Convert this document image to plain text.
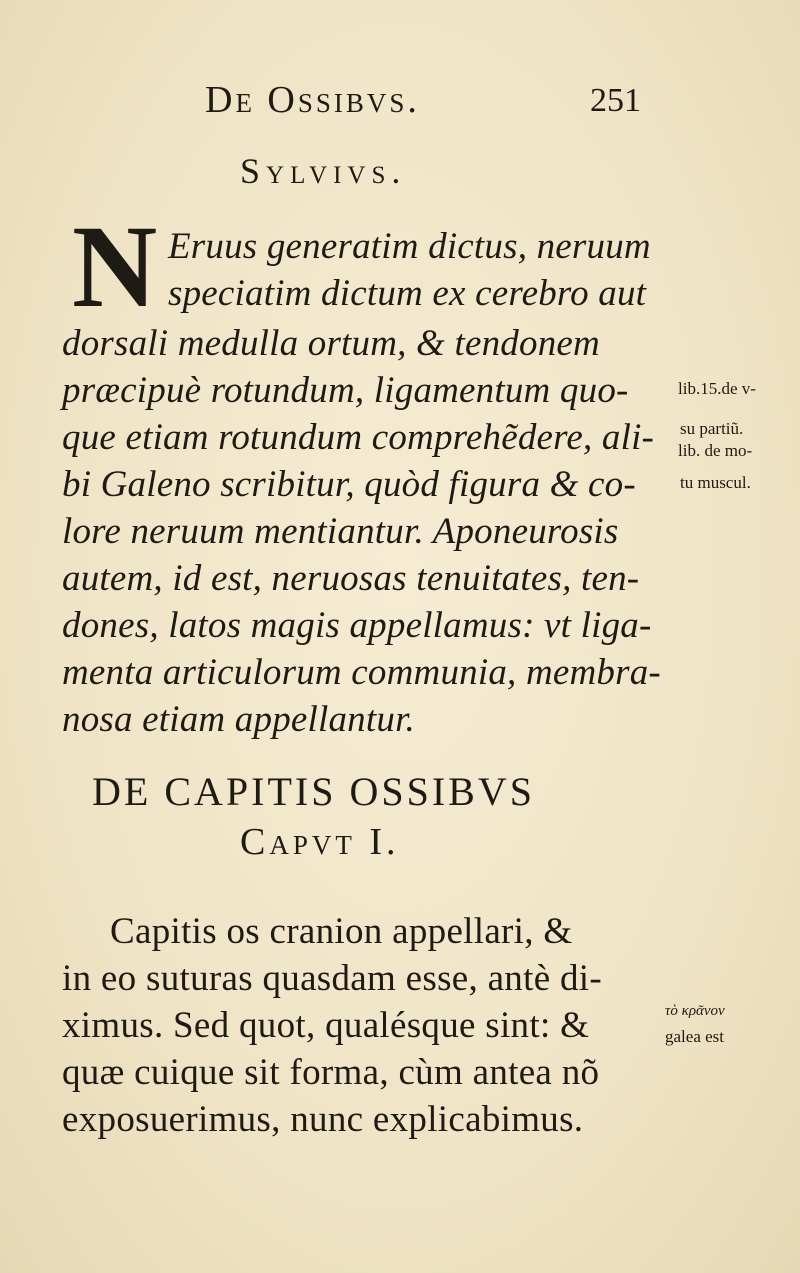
De Ossibvs.	251
Sylvivs.
N Eruus generatim dictus, neruum
speciatim dictum ex cerebro aut
dorsali medulla ortum, & tendonem
præcipuè rotundum, ligamentum quo-
que etiam rotundum comprehẽdere, ali-
bi Galeno scribitur, quòd figura & co-
lore neruum mentiantur. Aponeurosis
autem, id est, neruosas tenuitates, ten-
dones, latos magis appellamus: vt liga-
menta articulorum communia, membra-
nosa etiam appellantur.
lib.15.de v-
su partiũ.
lib. de mo-
tu muscul.
DE CAPITIS OSSIBVS
Capvt I.
Capitis os cranion appellari, &
in eo suturas quasdam esse, antè di-
ximus. Sed quot, qualésque sint: &
quæ cuique sit forma, cùm antea nõ
exposuerimus, nunc explicabimus.
τὸ κρᾶνον
galea est
